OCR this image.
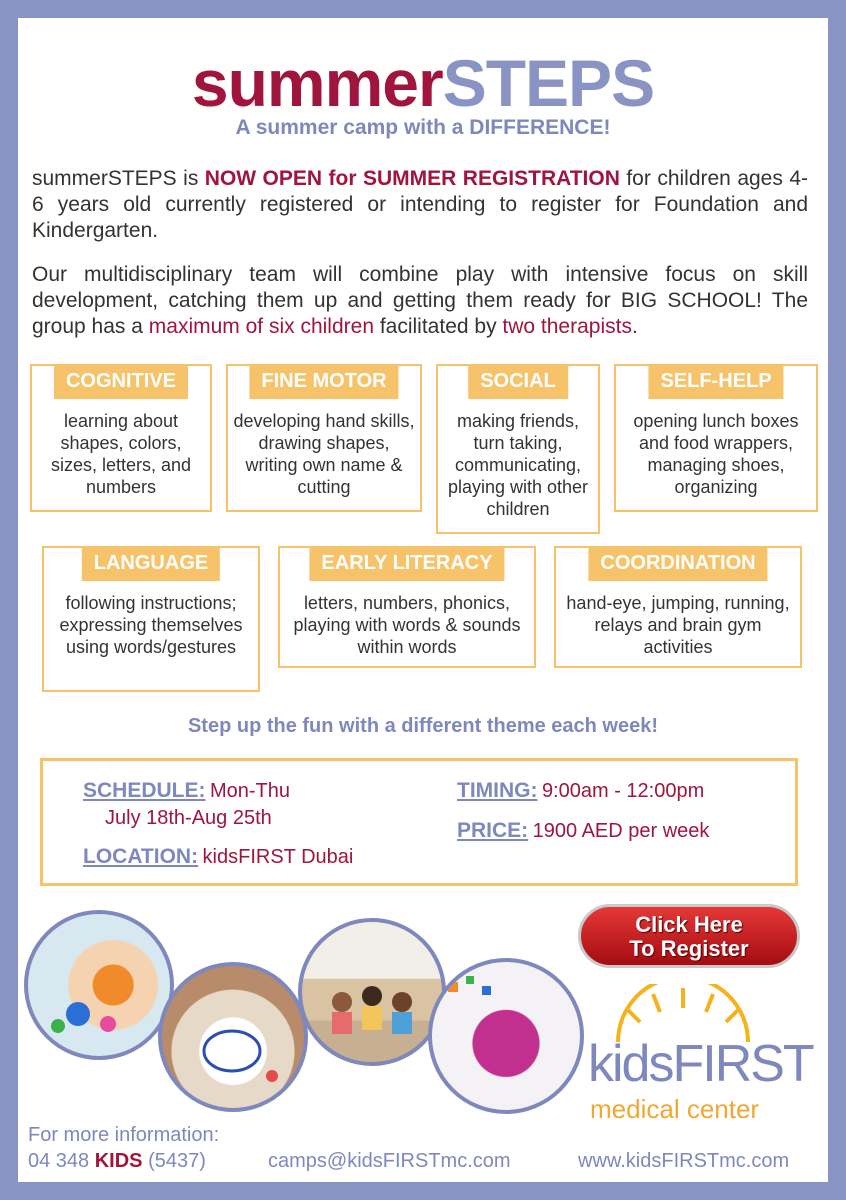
summerSTEPS
A summer camp with a DIFFERENCE!
summerSTEPS is NOW OPEN for SUMMER REGISTRATION for children ages 4-6 years old currently registered or intending to register for Foundation and Kindergarten.
Our multidisciplinary team will combine play with intensive focus on skill development, catching them up and getting them ready for BIG SCHOOL! The group has a maximum of six children facilitated by two therapists.
COGNITIVE
learning about shapes, colors, sizes, letters, and numbers
FINE MOTOR
developing hand skills, drawing shapes, writing own name & cutting
SOCIAL
making friends, turn taking, communicating, playing with other children
SELF-HELP
opening lunch boxes and food wrappers, managing shoes, organizing
LANGUAGE
following instructions; expressing themselves using words/gestures
EARLY LITERACY
letters, numbers, phonics, playing with words & sounds within words
COORDINATION
hand-eye, jumping, running, relays and brain gym activities
Step up the fun with a different theme each week!
SCHEDULE: Mon-Thu
July 18th-Aug 25th
LOCATION: kidsFIRST Dubai
TIMING: 9:00am - 12:00pm
PRICE: 1900 AED per week
Click Here
To Register
kidsFIRST
medical center
For more information:
04 348 KIDS (5437)	camps@kidsFIRSTmc.com	www.kidsFIRSTmc.com
